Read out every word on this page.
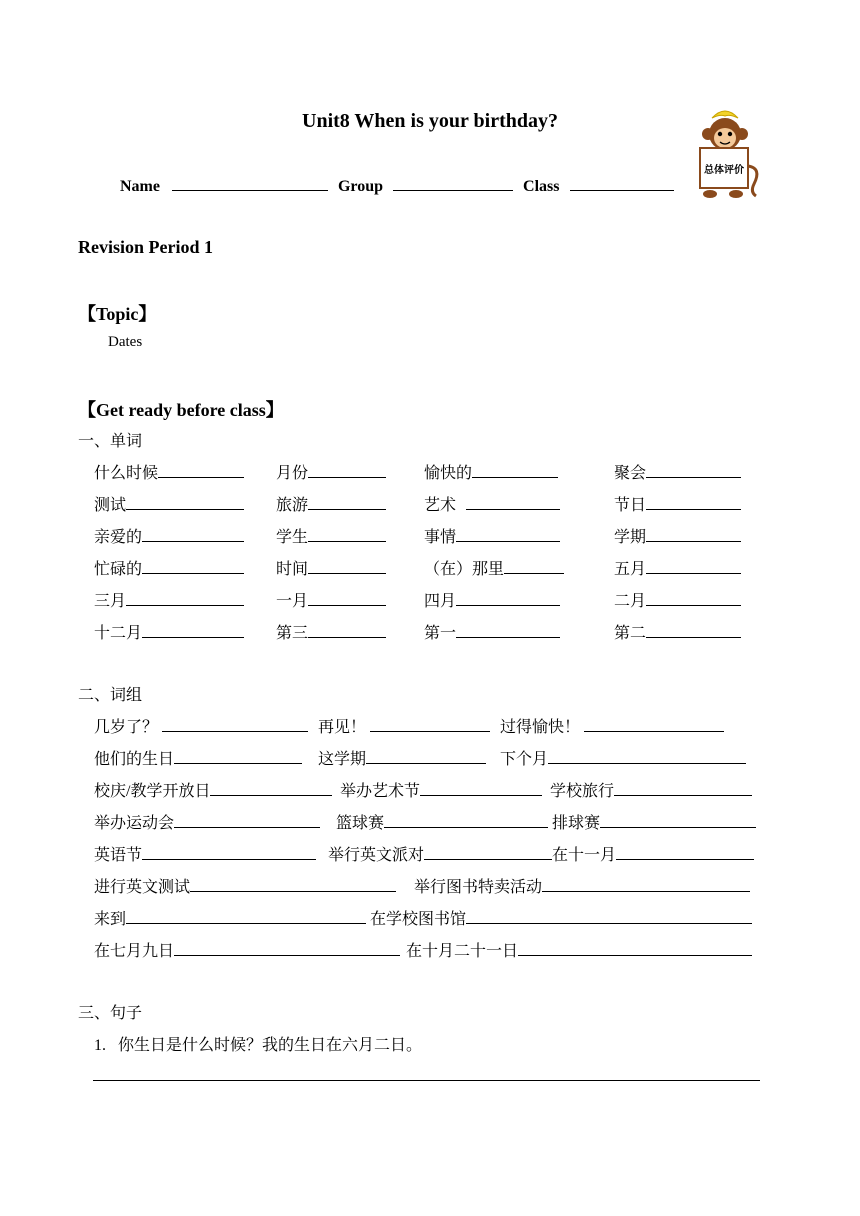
Unit8 When is your birthday?
总体评价
Name	Group	Class
Revision Period 1
【Topic】
Dates
【Get ready before class】
一、单词
什么时候	月份	愉快的	聚会
测试	旅游	艺术	节日
亲爱的	学生	事情	学期
忙碌的	时间	（在）那里	五月
三月	一月	四月	二月
十二月	第三	第一	第二
二、词组
几岁了？	再见！	过得愉快！
他们的生日	这学期	下个月
校庆/教学开放日	举办艺术节	学校旅行
举办运动会	篮球赛	排球赛
英语节	举行英文派对	在十一月
进行英文测试	举行图书特卖活动
来到	在学校图书馆
在七月九日	在十月二十一日
三、句子
1. 你生日是什么时候？我的生日在六月二日。
